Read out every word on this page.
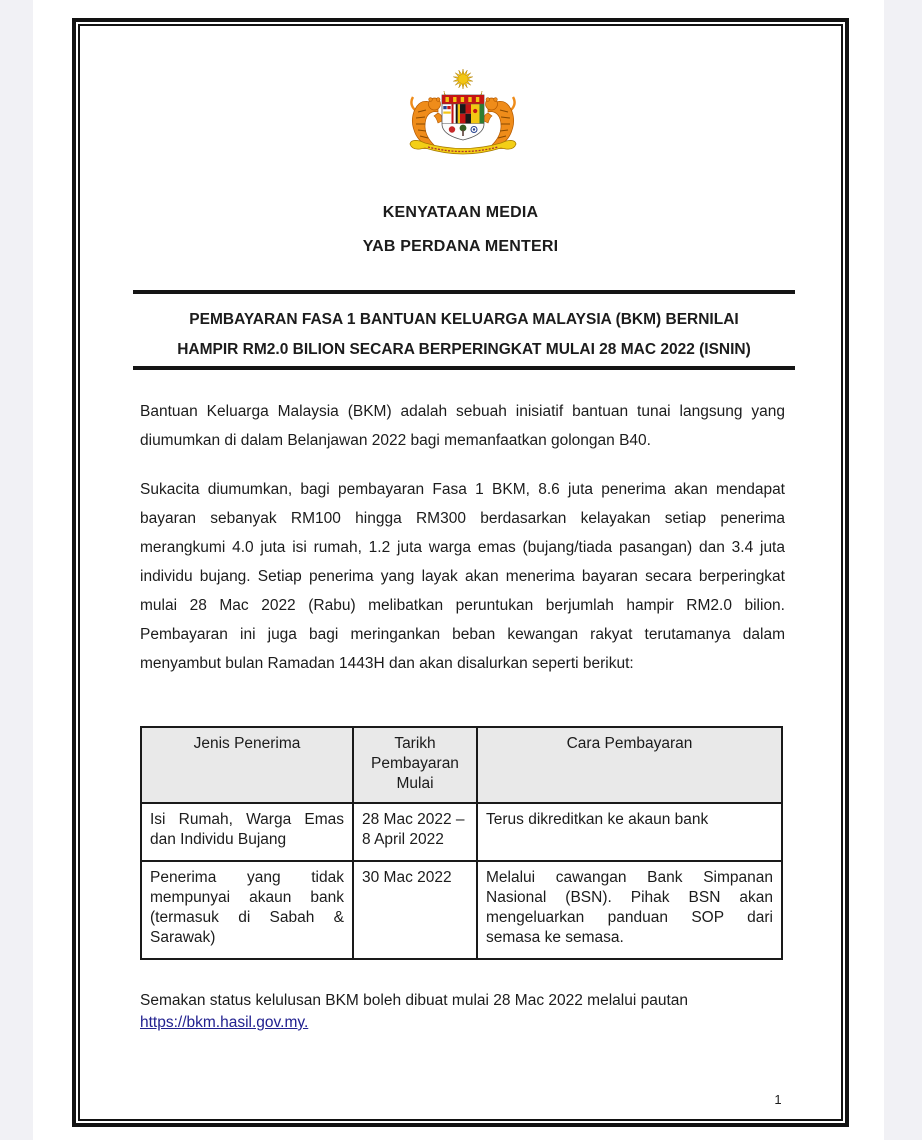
KENYATAAN MEDIA
YAB PERDANA MENTERI
PEMBAYARAN FASA 1 BANTUAN KELUARGA MALAYSIA (BKM) BERNILAI
HAMPIR RM2.0 BILION SECARA BERPERINGKAT MULAI 28 MAC 2022 (ISNIN)

Bantuan Keluarga Malaysia (BKM) adalah sebuah inisiatif bantuan tunai langsung yang diumumkan di dalam Belanjawan 2022 bagi memanfaatkan golongan B40.

Sukacita diumumkan, bagi pembayaran Fasa 1 BKM, 8.6 juta penerima akan mendapat bayaran sebanyak RM100 hingga RM300 berdasarkan kelayakan setiap penerima merangkumi 4.0 juta isi rumah, 1.2 juta warga emas (bujang/tiada pasangan) dan 3.4 juta individu bujang. Setiap penerima yang layak akan menerima bayaran secara berperingkat mulai 28 Mac 2022 (Rabu) melibatkan peruntukan berjumlah hampir RM2.0 bilion. Pembayaran ini juga bagi meringankan beban kewangan rakyat terutamanya dalam menyambut bulan Ramadan 1443H dan akan disalurkan seperti berikut:

Jenis Penerima	Tarikh Pembayaran Mulai	Cara Pembayaran
Isi Rumah, Warga Emas dan Individu Bujang	28 Mac 2022 – 8 April 2022	Terus dikreditkan ke akaun bank
Penerima yang tidak mempunyai akaun bank (termasuk di Sabah & Sarawak)	30 Mac 2022	Melalui cawangan Bank Simpanan Nasional (BSN). Pihak BSN akan mengeluarkan panduan SOP dari semasa ke semasa.

Semakan status kelulusan BKM boleh dibuat mulai 28 Mac 2022 melalui pautan

https://bkm.hasil.gov.my.
1
